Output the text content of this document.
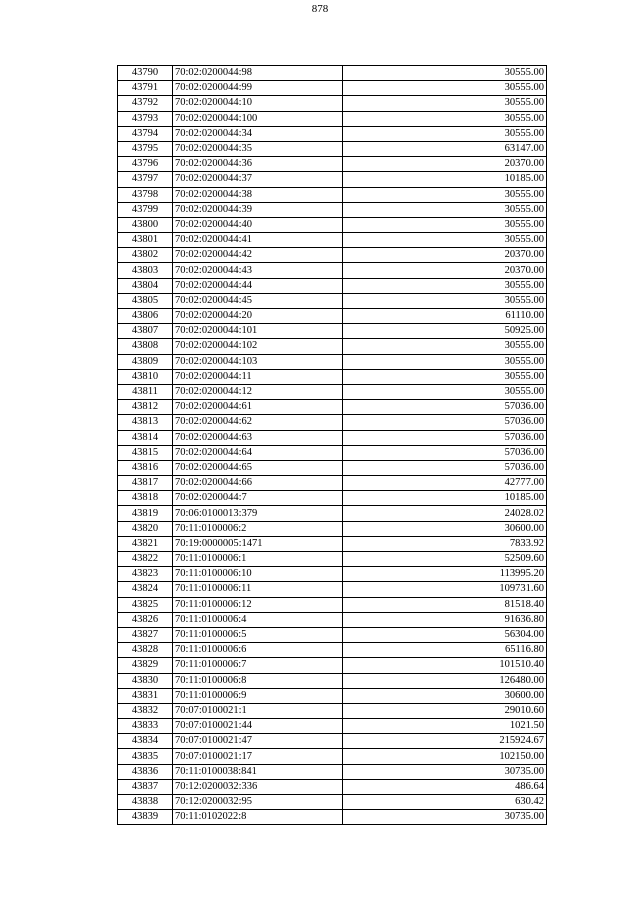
878
43790	70:02:0200044:98	30555.00
43791	70:02:0200044:99	30555.00
43792	70:02:0200044:10	30555.00
43793	70:02:0200044:100	30555.00
43794	70:02:0200044:34	30555.00
43795	70:02:0200044:35	63147.00
43796	70:02:0200044:36	20370.00
43797	70:02:0200044:37	10185.00
43798	70:02:0200044:38	30555.00
43799	70:02:0200044:39	30555.00
43800	70:02:0200044:40	30555.00
43801	70:02:0200044:41	30555.00
43802	70:02:0200044:42	20370.00
43803	70:02:0200044:43	20370.00
43804	70:02:0200044:44	30555.00
43805	70:02:0200044:45	30555.00
43806	70:02:0200044:20	61110.00
43807	70:02:0200044:101	50925.00
43808	70:02:0200044:102	30555.00
43809	70:02:0200044:103	30555.00
43810	70:02:0200044:11	30555.00
43811	70:02:0200044:12	30555.00
43812	70:02:0200044:61	57036.00
43813	70:02:0200044:62	57036.00
43814	70:02:0200044:63	57036.00
43815	70:02:0200044:64	57036.00
43816	70:02:0200044:65	57036.00
43817	70:02:0200044:66	42777.00
43818	70:02:0200044:7	10185.00
43819	70:06:0100013:379	24028.02
43820	70:11:0100006:2	30600.00
43821	70:19:0000005:1471	7833.92
43822	70:11:0100006:1	52509.60
43823	70:11:0100006:10	113995.20
43824	70:11:0100006:11	109731.60
43825	70:11:0100006:12	81518.40
43826	70:11:0100006:4	91636.80
43827	70:11:0100006:5	56304.00
43828	70:11:0100006:6	65116.80
43829	70:11:0100006:7	101510.40
43830	70:11:0100006:8	126480.00
43831	70:11:0100006:9	30600.00
43832	70:07:0100021:1	29010.60
43833	70:07:0100021:44	1021.50
43834	70:07:0100021:47	215924.67
43835	70:07:0100021:17	102150.00
43836	70:11:0100038:841	30735.00
43837	70:12:0200032:336	486.64
43838	70:12:0200032:95	630.42
43839	70:11:0102022:8	30735.00
